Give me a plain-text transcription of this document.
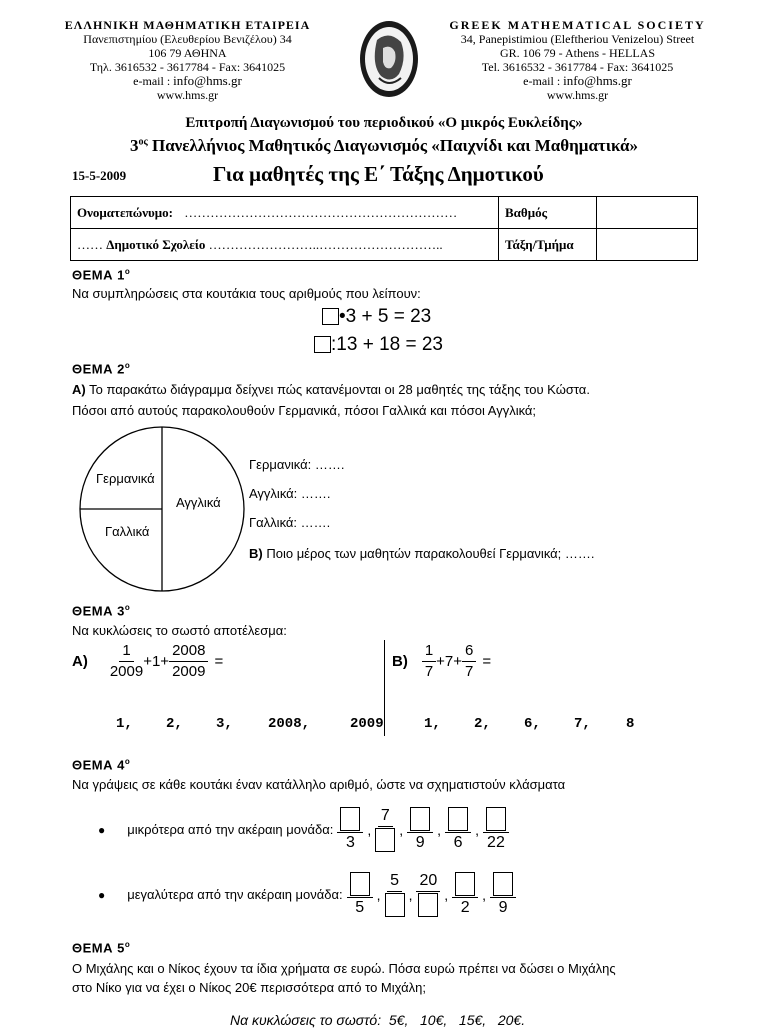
ΕΛΛΗΝΙΚΗ ΜΑΘΗΜΑΤΙΚΗ ΕΤΑΙΡΕΙΑ
Πανεπιστημίου (Ελευθερίου Βενιζέλου) 34
106 79 ΑΘΗΝΑ
Τηλ. 3616532 - 3617784 - Fax: 3641025
e-mail : info@hms.gr
www.hms.gr
GREEK MATHEMATICAL SOCIETY
34, Panepistimiou (Eleftheriou Venizelou) Street
GR. 106 79 - Athens - HELLAS
Tel. 3616532 - 3617784 - Fax: 3641025
e-mail : info@hms.gr
www.hms.gr
Επιτροπή Διαγωνισμού του περιοδικού «Ο μικρός Ευκλείδης»
$3^{o\varsigma}$ Πανελλήνιος Μαθητικός Διαγωνισμός «Παιχνίδι και Μαθηματικά»
15-5-2009	Για μαθητές της Ε΄ Τάξης Δημοτικού
Ονοματεπώνυμο: ………………………………………………………	Βαθμός	
…… Δημοτικό Σχολείο ……………………..………………………..	Τάξη/Τμήμα	
ΘΕΜΑ $1^o$
Να συμπληρώσεις στα κουτάκια τους αριθμούς που λείπουν:
•3 + 5 = 23
:13 + 18 = 23
ΘΕΜΑ $2^o$
Α) Το παρακάτω διάγραμμα δείχνει πώς κατανέμονται οι 28 μαθητές της τάξης του Κώστα.
Πόσοι από αυτούς παρακολουθούν Γερμανικά, πόσοι Γαλλικά και πόσοι Αγγλικά;
Γερμανικά
Αγγλικά
Γαλλικά
Γερμανικά: …….
Αγγλικά: …….
Γαλλικά: …….
Β) Ποιο μέρος των μαθητών παρακολουθεί Γερμανικά; …….
ΘΕΜΑ $3^o$
Να κυκλώσεις το σωστό αποτέλεσμα:
$A) \frac{1}{2009} +1+ \frac{2008}{2009}$ =	$B) \frac{1}{7} +7+ \frac{6}{7}$ =
1, 2, 3,	2008,	2009	1, 2, 6, 7,	8
ΘΕΜΑ $4^o$
Να γράψεις σε κάθε κουτάκι έναν κατάλληλο αριθμό, ώστε να σχηματιστούν κλάσματα
● μικρότερα από την ακέραιη μονάδα:
3
,
7
,
9
,
6
,
22
● μεγαλύτερα από την ακέραιη μονάδα:
5
,
5
,
20
,
2
,
9
ΘΕΜΑ $5^o$
Ο Μιχάλης και ο Νίκος έχουν τα ίδια χρήματα σε ευρώ. Πόσα ευρώ πρέπει να δώσει ο Μιχάλης
στο Νίκο για να έχει ο Νίκος 20€ περισσότερα από το Μιχάλη;
Να κυκλώσεις το σωστό:  5€,   10€,   15€,   20€.
